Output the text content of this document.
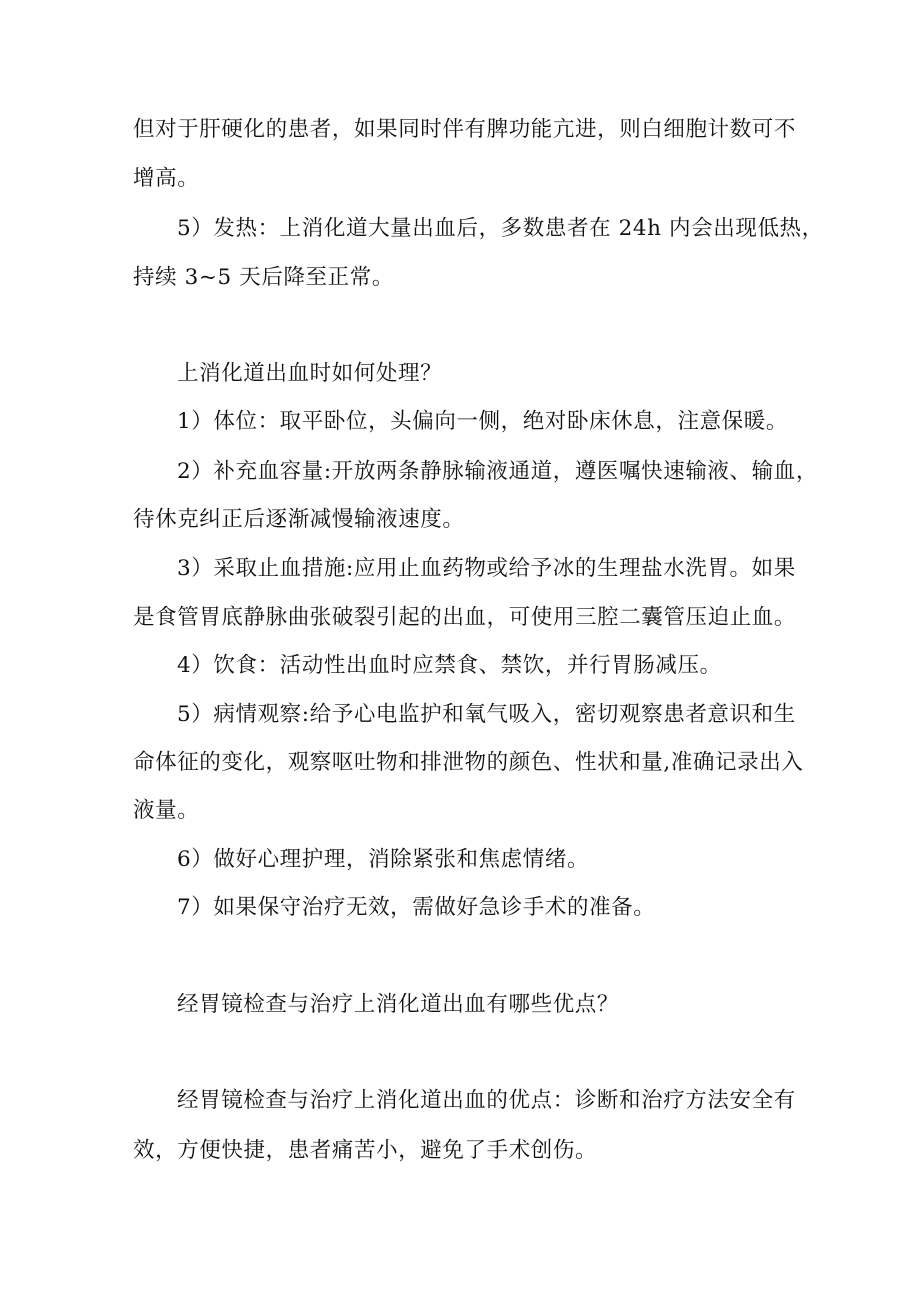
但对于肝硬化的患者，如果同时伴有脾功能亢进，则白细胞计数可不
增高。
5）发热：上消化道大量出血后，多数患者在 24h 内会出现低热，
持续 3~5 天后降至正常。
上消化道出血时如何处理？
1）体位：取平卧位，头偏向一侧，绝对卧床休息，注意保暖。
2）补充血容量:开放两条静脉输液通道，遵医嘱快速输液、输血，
待休克纠正后逐渐减慢输液速度。
3）采取止血措施:应用止血药物或给予冰的生理盐水洗胃。如果
是食管胃底静脉曲张破裂引起的出血，可使用三腔二囊管压迫止血。
4）饮食：活动性出血时应禁食、禁饮，并行胃肠减压。
5）病情观察:给予心电监护和氧气吸入，密切观察患者意识和生
命体征的变化，观察呕吐物和排泄物的颜色、性状和量,准确记录出入
液量。
6）做好心理护理，消除紧张和焦虑情绪。
7）如果保守治疗无效，需做好急诊手术的准备。
经胃镜检查与治疗上消化道出血有哪些优点？
经胃镜检查与治疗上消化道出血的优点：诊断和治疗方法安全有
效，方便快捷，患者痛苦小，避免了手术创伤。
